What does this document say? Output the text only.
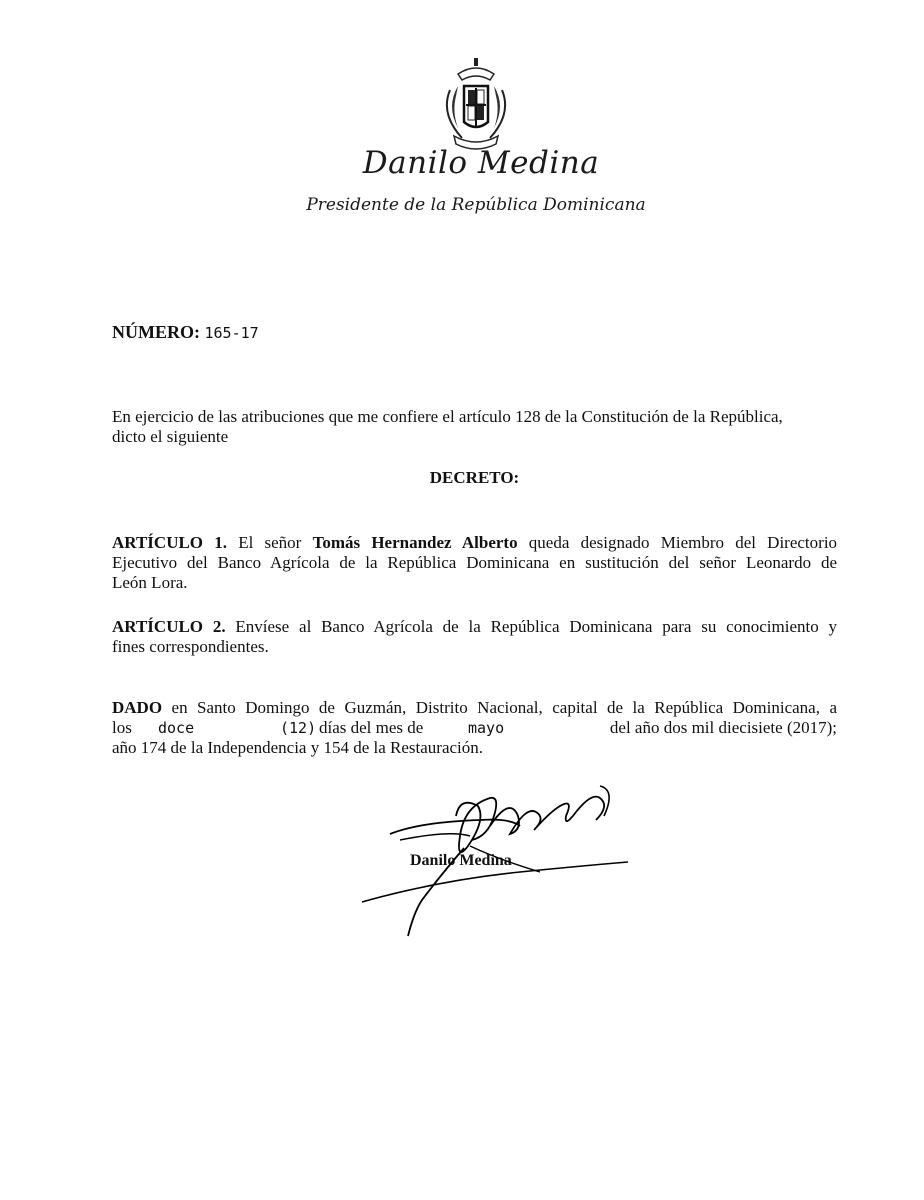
Danilo Medina
Presidente de la República Dominicana
NÚMERO: 165-17
En ejercicio de las atribuciones que me confiere el artículo 128 de la Constitución de la República,
dicto el siguiente
DECRETO:
ARTÍCULO 1. El señor Tomás Hernandez Alberto queda designado Miembro del Directorio
Ejecutivo del Banco Agrícola de la República Dominicana en sustitución del señor Leonardo de
León Lora.
ARTÍCULO 2. Envíese al Banco Agrícola de la República Dominicana para su conocimiento y
fines correspondientes.
DADO en Santo Domingo de Guzmán, Distrito Nacional, capital de la República Dominicana, a
los doce	(12) días del mes de	mayo	del año dos mil diecisiete (2017);
año 174 de la Independencia y 154 de la Restauración.
Danilo Medina
